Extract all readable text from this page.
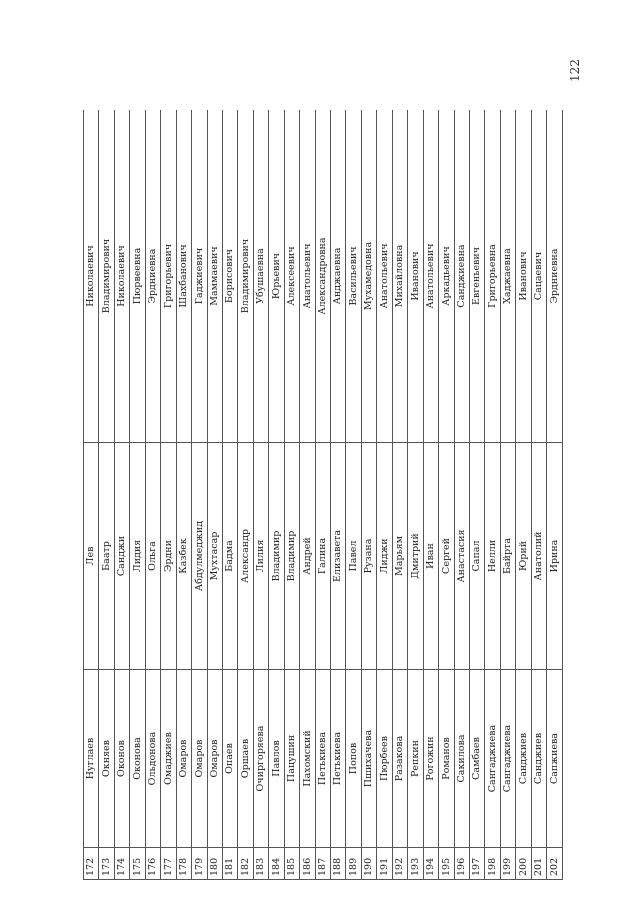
122
172	Нуглаев	Лев	Николаевич
173	Окняев	Баатр	Владимирович
174	Оконов	Санджи	Николаевич
175	Оконова	Лидия	Пюрвеевна
176	Ольдонова	Ольга	Эрдниевна
177	Омаджиев	Эрдни	Григорьевич
178	Омаров	Казбек	Шахбанович
179	Омаров	Абдулмеджид	Гаджиевич
180	Омаров	Мухтасар	Маммаевич
181	Опаев	Бадма	Борисович
182	Оршаев	Александр	Владимирович
183	Очиргоряева	Лилия	Убушаевна
184	Павлов	Владимир	Юрьевич
185	Пацушин	Владимир	Алексеевич
186	Пахомский	Андрей	Анатольевич
187	Петькиева	Галина	Александровна
188	Петькиева	Елизавета	Анджаевна
189	Попов	Павел	Васильевич
190	Пшихачева	Рузана	Мухамедовна
191	Пюрбеев	Лиджи	Анатольевич
192	Разакова	Марьям	Михайловна
193	Репкин	Дмитрий	Иванович
194	Рогожин	Иван	Анатольевич
195	Романов	Сергей	Аркадьевич
196	Сакилова	Анастасия	Санджиевна
197	Самбаев	Сапал	Евгеньевич
198	Сангаджиева	Нелли	Григорьевна
199	Сангаджиева	Байрта	Хаджаевна
200	Санджиев	Юрий	Иванович
201	Санджиев	Анатолий	Сацаевич
202	Сапжиева	Ирина	Эрдниевна
